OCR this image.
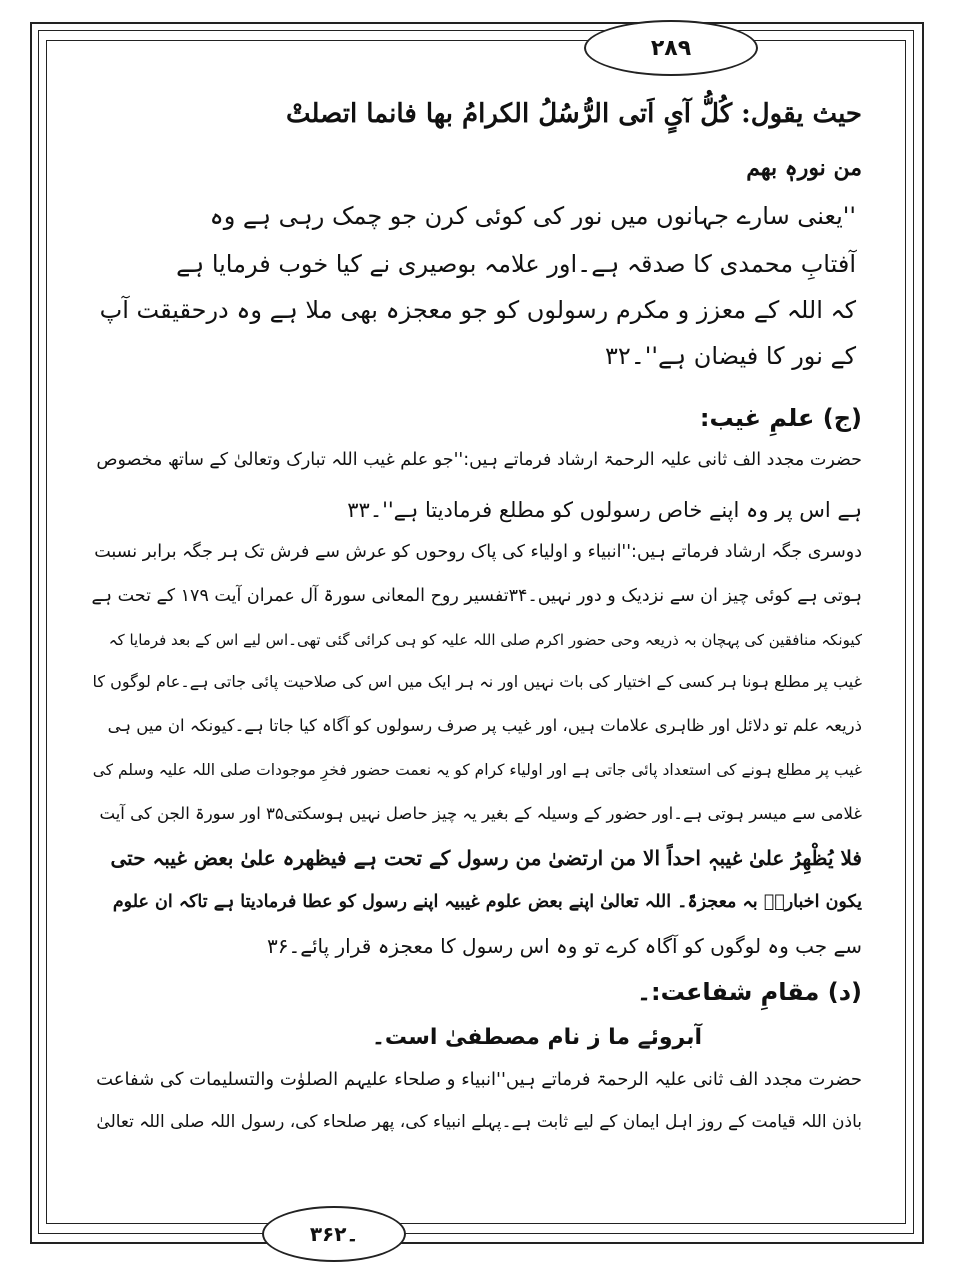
۲۸۹
حیث یقول: کُلُّ آیٍ اَتی الرُّسُلُ الکرامُ بھا فانما اتصلتْ
من نورہٖ بھم
''یعنی سارے جہانوں میں نور کی کوئی کرن جو چمک رہی ہے وہ
آفتابِ محمدی کا صدقہ ہے۔اور علامہ بوصیری نے کیا خوب فرمایا ہے
کہ اللہ کے معزز و مکرم رسولوں کو جو معجزہ بھی ملا ہے وہ درحقیقت آپ
کے نور کا فیضان ہے''۔۳۲
(ج) علمِ غیب:
حضرت مجدد الف ثانی علیہ الرحمۃ ارشاد فرماتے ہیں:''جو علم غیب اللہ تبارک وتعالیٰ کے ساتھ مخصوص
ہے اس پر وہ اپنے خاص رسولوں کو مطلع فرمادیتا ہے''۔۳۳
دوسری جگہ ارشاد فرماتے ہیں:''انبیاء و اولیاء کی پاک روحوں کو عرش سے فرش تک ہر جگہ برابر نسبت
ہوتی ہے کوئی چیز ان سے نزدیک و دور نہیں۔۳۴تفسیر روح المعانی سورۃ آل عمران آیت ۱۷۹ کے تحت ہے
کیونکہ منافقین کی پہچان بہ ذریعہ وحی حضور اکرم صلی اللہ علیہ کو ہی کرائی گئی تھی۔اس لیے اس کے بعد فرمایا کہ
غیب پر مطلع ہونا ہر کسی کے اختیار کی بات نہیں اور نہ ہر ایک میں اس کی صلاحیت پائی جاتی ہے۔عام لوگوں کا
ذریعہ علم تو دلائل اور ظاہری علامات ہیں، اور غیب پر صرف رسولوں کو آگاہ کیا جاتا ہے۔کیونکہ ان میں ہی
غیب پر مطلع ہونے کی استعداد پائی جاتی ہے اور اولیاء کرام کو یہ نعمت حضور فخرِ موجودات صلی اللہ علیہ وسلم کی
غلامی سے میسر ہوتی ہے۔اور حضور کے وسیلہ کے بغیر یہ چیز حاصل نہیں ہوسکتی۳۵ اور سورۃ الجن کی آیت
فلا یُظْھِرُ علیٰ غیبہٖ احداً الا من ارتضیٰ من رسول کے تحت ہے فیظھرہ علیٰ بعض غیبہ حتی
یکون اخبارہٗ بہ معجزۃً۔ اللہ تعالیٰ اپنے بعض علوم غیبیہ اپنے رسول کو عطا فرمادیتا ہے تاکہ ان علوم
سے جب وہ لوگوں کو آگاہ کرے تو وہ اس رسول کا معجزہ قرار پائے۔۳۶
(د) مقامِ شفاعت:۔
آبروئے ما ز نام مصطفیٰ است۔
حضرت مجدد الف ثانی علیہ الرحمۃ فرماتے ہیں''انبیاء و صلحاء علیہم الصلوٰت والتسلیمات کی شفاعت
باذن اللہ قیامت کے روز اہل ایمان کے لیے ثابت ہے۔پہلے انبیاء کی، پھر صلحاء کی، رسول اللہ صلی اللہ تعالیٰ
۳۔۶۲
